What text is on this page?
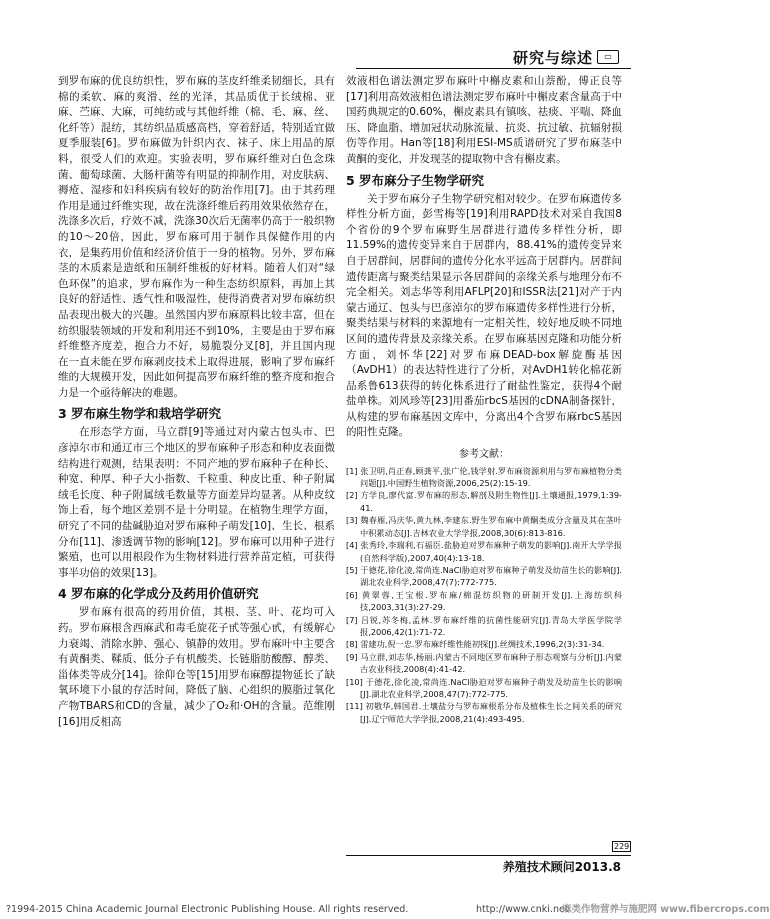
研究与综述	▭

到罗布麻的优良纺织性，罗布麻的茎皮纤维柔韧细长，具有棉的柔软、麻的爽滑、丝的光泽，其品质优于长绒棉、亚麻、苎麻、大麻，可纯纺或与其他纤维（棉、毛、麻、丝、化纤等）混纺，其纺织品质感高档，穿着舒适，特别适宜做夏季服装[6]。罗布麻做为针织内衣、袜子、床上用品的原料，很受人们的欢迎。实验表明，罗布麻纤维对白色念珠菌、葡萄球菌、大肠杆菌等有明显的抑制作用，对皮肤病、褥疮、湿疹和妇科疾病有较好的防治作用[7]。由于其药理作用是通过纤维实现，故在洗涤纤维后药用效果依然存在，洗涤多次后，疗效不减，洗涤30次后无菌率仍高于一般织物的10～20倍，因此，罗布麻可用于制作具保健作用的内衣，是集药用价值和经济价值于一身的植物。另外，罗布麻茎的木质素是造纸和压制纤维板的好材料。随着人们对“绿色环保”的追求，罗布麻作为一种生态纺织原料，再加上其良好的舒适性、透气性和吸湿性，使得消费者对罗布麻纺织品表现出极大的兴趣。虽然国内罗布麻原料比较丰富，但在纺织服装领域的开发和利用还不到10%，主要是由于罗布麻纤维整齐度差，抱合力不好，易脆裂分叉[8]，并且国内现在一直未能在罗布麻剥皮技术上取得进展，影响了罗布麻纤维的大规模开发，因此如何提高罗布麻纤维的整齐度和抱合力是一个亟待解决的难题。

3 罗布麻生物学和栽培学研究

在形态学方面，马立群[9]等通过对内蒙古包头市、巴彦淖尔市和通辽市三个地区的罗布麻种子形态和种皮表面微结构进行观测，结果表明：不同产地的罗布麻种子在种长、种宽、种厚、种子大小指数、千粒重、种皮比重、种子附属绒毛长度、种子附属绒毛数量等方面差异均显著。从种皮纹饰上看，每个地区差别不是十分明显。在植物生理学方面，研究了不同的盐碱胁迫对罗布麻种子萌发[10]、生长、根系分布[11]、渗透调节物的影响[12]。罗布麻可以用种子进行繁殖，也可以用根段作为生物材料进行营养苗定植，可获得事半功倍的效果[13]。

4 罗布麻的化学成分及药用价值研究

罗布麻有很高的药用价值，其根、茎、叶、花均可入药。罗布麻根含西麻武和毒毛旋花子甙等强心甙，有缓解心力衰竭、消除水肿、强心、镇静的效用。罗布麻叶中主要含有黄酮类、鞣质、低分子有机酸类、长链脂肪酸醇、醇类、甾体类等成分[14]。徐仰仓等[15]用罗布麻醇提物延长了缺氧环境下小鼠的存活时间，降低了脑、心组织的膜脂过氧化产物TBARS和CD的含量，减少了O₂和·OH的含量。范维刚[16]用反相高

效液相色谱法测定罗布麻叶中槲皮素和山萘酚，傅正良等[17]利用高效液相色谱法测定罗布麻叶中槲皮素含量高于中国药典规定的0.60%，槲皮素具有镇咳、祛痰、平喘、降血压、降血脂、增加冠状动脉流量、抗炎、抗过敏、抗辐射损伤等作用。Han等[18]利用ESI-MS质谱研究了罗布麻茎中黄酮的变化，并发现茎的提取物中含有槲皮素。

5 罗布麻分子生物学研究

关于罗布麻分子生物学研究相对较少。在罗布麻遗传多样性分析方面，彭雪梅等[19]利用RAPD技术对采自我国8个省份的9个罗布麻野生居群进行遗传多样性分析，即11.59%的遗传变异来自于居群内，88.41%的遗传变异来自于居群间，居群间的遗传分化水平远高于居群内。居群间遗传距离与聚类结果显示各居群间的亲缘关系与地理分布不完全相关。刘志华等利用AFLP[20]和ISSR法[21]对产于内蒙古通辽、包头与巴彦淖尔的罗布麻遗传多样性进行分析，聚类结果与材料的来源地有一定相关性，较好地反映不同地区间的遗传背景及亲缘关系。在罗布麻基因克隆和功能分析方面，刘怀华[22]对罗布麻DEAD-box解旋酶基因（AvDH1）的表达特性进行了分析，对AvDH1转化棉花新品系鲁613获得的转化株系进行了耐盐性鉴定，获得4个耐盐单株。刘风珍等[23]用番茄rbcS基因的cDNA制备探针，从构建的罗布麻基因文库中，分离出4个含罗布麻rbcS基因的阳性克隆。

参考文献：
[1] 张卫明,肖正春,顾龚平,张广伦,钱学射.罗布麻资源利用与罗布麻植物分类问题[J].中国野生植物资源,2006,25(2):15-19.
[2] 方学良,廖代富.罗布麻的形态,解剖及附生物性[J].土壤通报,1979,1:39-41.
[3] 魏春雁,冯庆华,黄九林,李建东.野生罗布麻中黄酮类成分含量及其在茎叶中积累动态[J].吉林农业大学学报,2008,30(6):813-816.
[4] 张秀玲,李瑞利,石福臣.盐胁迫对罗布麻种子萌发的影响[J].南开大学学报(自然科学版),2007,40(4):13-18.
[5] 于德花,徐化凌,常尚连.NaCl胁迫对罗布麻种子萌发及幼苗生长的影响[J].湖北农业科学,2008,47(7):772-775.
[6] 黄翠蓉,王宝根.罗布麻/棉混纺织物的研制开发[J].上海纺织科技,2003,31(3):27-29.
[7] 吕锐,苏冬梅,孟林.罗布麻纤维的抗菌性能研究[J].青岛大学医学院学报,2006,42(1):71-72.
[8] 雷建功,倪一忠.罗布麻纤维性能初探[J].丝绸技术,1996,2(3):31-34.
[9] 马立群,刘志华,杨丽.内蒙古不同地区罗布麻种子形态观察与分析[J].内蒙古农业科技,2008(4):41-42.
[10] 于德花,徐化凌,常尚连.NaCl胁迫对罗布麻种子萌发及幼苗生长的影响[J].湖北农业科学,2008,47(7):772-775.
[11] 初敬华,韩国君.土壤盐分与罗布麻根系分布及植株生长之间关系的研究[J].辽宁师范大学学报,2008,21(4):493-495.
229
养殖技术顾问2013.8
?1994-2015 China Academic Journal Electronic Publishing House. All rights reserved.	http://www.cnki.net
麻类作物营养与施肥网 www.fibercrops.com
